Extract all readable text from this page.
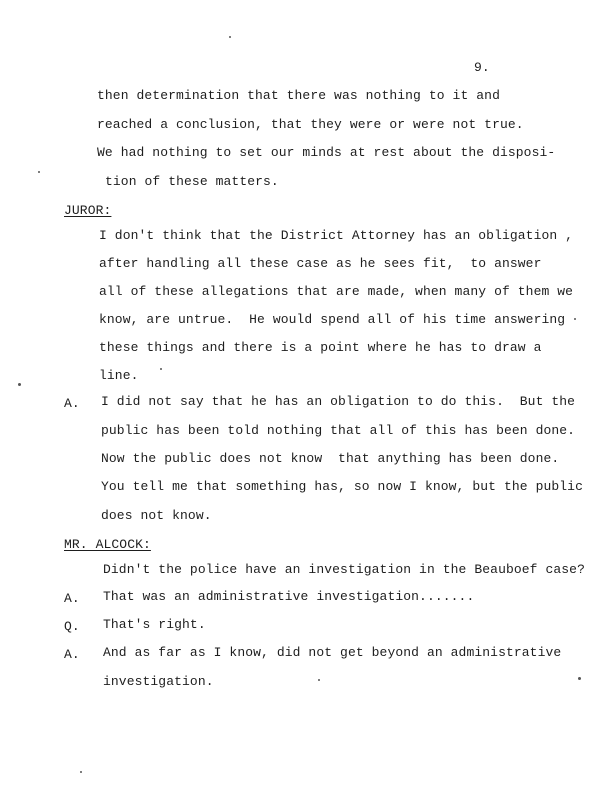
9.
then determination that there was nothing to it and
reached a conclusion, that they were or were not true.
We had nothing to set our minds at rest about the disposi-
tion of these matters.
JUROR:
I don't think that the District Attorney has an obligation ,
after handling all these case as he sees fit,  to answer
all of these allegations that are made, when many of them we
know, are untrue.  He would spend all of his time answering
these things and there is a point where he has to draw a
line.
A. I did not say that he has an obligation to do this.  But the
public has been told nothing that all of this has been done.
Now the public does not know  that anything has been done.
You tell me that something has, so now I know, but the public
does not know.
MR. ALCOCK:
Didn't the police have an investigation in the Beauboef case?
A. That was an administrative investigation.......
Q. That's right.
A. And as far as I know, did not get beyond an administrative
investigation.
